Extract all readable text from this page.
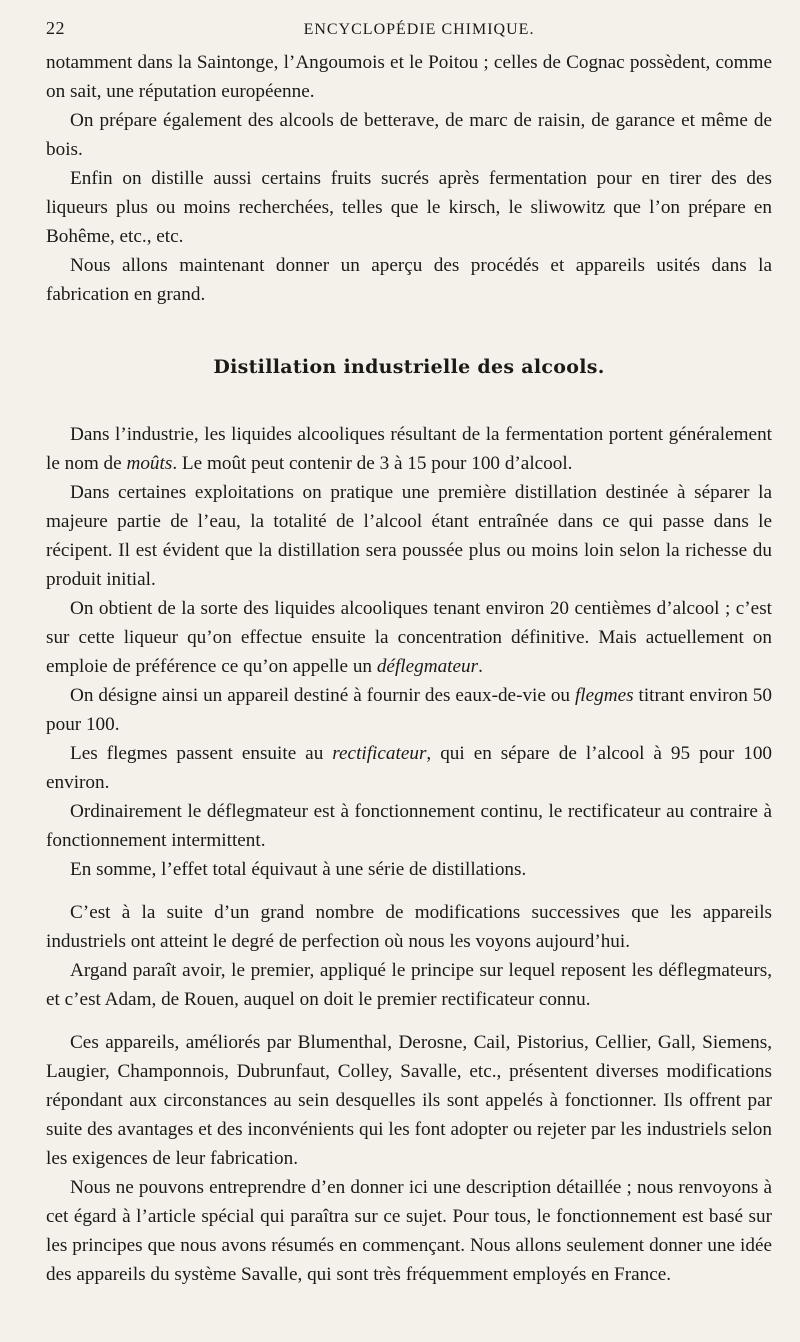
22	ENCYCLOPÉDIE CHIMIQUE.

notamment dans la Saintonge, l’Angoumois et le Poitou ; celles de Cognac possèdent, comme on sait, une réputation européenne.

On prépare également des alcools de betterave, de marc de raisin, de garance et même de bois.

Enfin on distille aussi certains fruits sucrés après fermentation pour en tirer des des liqueurs plus ou moins recherchées, telles que le kirsch, le sliwowitz que l’on prépare en Bohême, etc., etc.

Nous allons maintenant donner un aperçu des procédés et appareils usités dans la fabrication en grand.

Distillation industrielle des alcools.

Dans l’industrie, les liquides alcooliques résultant de la fermentation portent généralement le nom de moûts. Le moût peut contenir de 3 à 15 pour 100 d’alcool.

Dans certaines exploitations on pratique une première distillation destinée à séparer la majeure partie de l’eau, la totalité de l’alcool étant entraînée dans ce qui passe dans le récipent. Il est évident que la distillation sera poussée plus ou moins loin selon la richesse du produit initial.

On obtient de la sorte des liquides alcooliques tenant environ 20 centièmes d’alcool ; c’est sur cette liqueur qu’on effectue ensuite la concentration définitive. Mais actuellement on emploie de préférence ce qu’on appelle un déflegmateur.

On désigne ainsi un appareil destiné à fournir des eaux-de-vie ou flegmes titrant environ 50 pour 100.

Les flegmes passent ensuite au rectificateur, qui en sépare de l’alcool à 95 pour 100 environ.

Ordinairement le déflegmateur est à fonctionnement continu, le rectificateur au contraire à fonctionnement intermittent.

En somme, l’effet total équivaut à une série de distillations.

C’est à la suite d’un grand nombre de modifications successives que les appareils industriels ont atteint le degré de perfection où nous les voyons aujourd’hui.

Argand paraît avoir, le premier, appliqué le principe sur lequel reposent les déflegmateurs, et c’est Adam, de Rouen, auquel on doit le premier rectificateur connu.

Ces appareils, améliorés par Blumenthal, Derosne, Cail, Pistorius, Cellier, Gall, Siemens, Laugier, Champonnois, Dubrunfaut, Colley, Savalle, etc., présentent diverses modifications répondant aux circonstances au sein desquelles ils sont appelés à fonctionner. Ils offrent par suite des avantages et des inconvénients qui les font adopter ou rejeter par les industriels selon les exigences de leur fabrication.

Nous ne pouvons entreprendre d’en donner ici une description détaillée ; nous renvoyons à cet égard à l’article spécial qui paraîtra sur ce sujet. Pour tous, le fonctionnement est basé sur les principes que nous avons résumés en commençant. Nous allons seulement donner une idée des appareils du système Savalle, qui sont très fréquemment employés en France.
